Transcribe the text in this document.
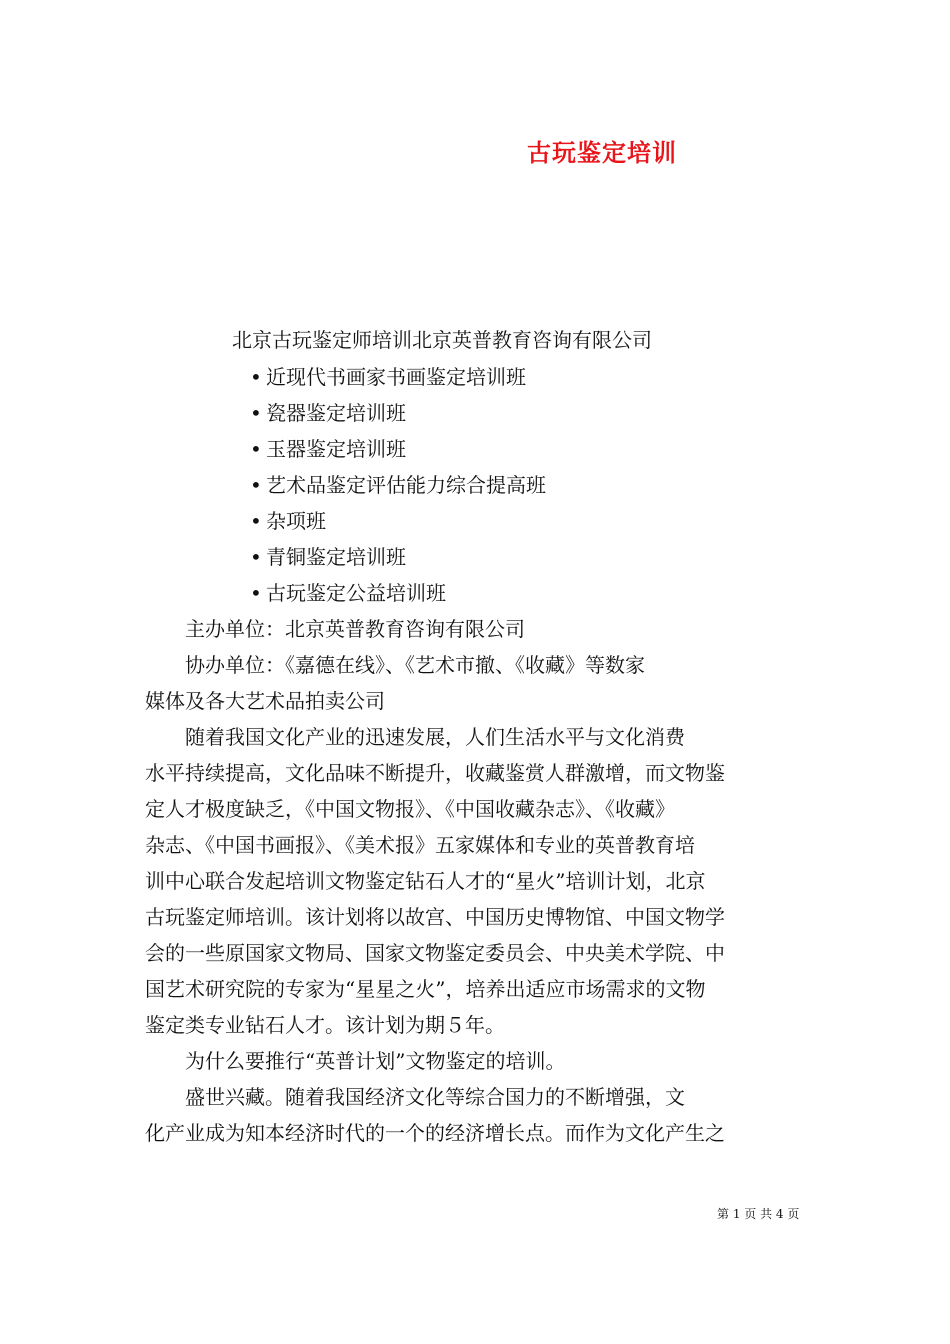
古玩鉴定培训
北京古玩鉴定师培训北京英普教育咨询有限公司
• 近现代书画家书画鉴定培训班
• 瓷器鉴定培训班
• 玉器鉴定培训班
• 艺术品鉴定评估能力综合提高班
• 杂项班
• 青铜鉴定培训班
• 古玩鉴定公益培训班
　　主办单位：北京英普教育咨询有限公司
　　协办单位：《嘉德在线》、《艺术市撤、《收藏》等数家
媒体及各大艺术品拍卖公司
　　随着我国文化产业的迅速发展，人们生活水平与文化消费
水平持续提高，文化品味不断提升，收藏鉴赏人群激增，而文物鉴
定人才极度缺乏，《中国文物报》、《中国收藏杂志》、《收藏》
杂志、《中国书画报》、《美术报》五家媒体和专业的英普教育培
训中心联合发起培训文物鉴定钻石人才的“星火”培训计划，北京
古玩鉴定师培训。该计划将以故宫、中国历史博物馆、中国文物学
会的一些原国家文物局、国家文物鉴定委员会、中央美术学院、中
国艺术研究院的专家为“星星之火”，培养出适应市场需求的文物
鉴定类专业钻石人才。该计划为期５年。
　　为什么要推行“英普计划”文物鉴定的培训。
　　盛世兴藏。随着我国经济文化等综合国力的不断增强，文
化产业成为知本经济时代的一个的经济增长点。而作为文化产生之
第 1 页 共 4 页
